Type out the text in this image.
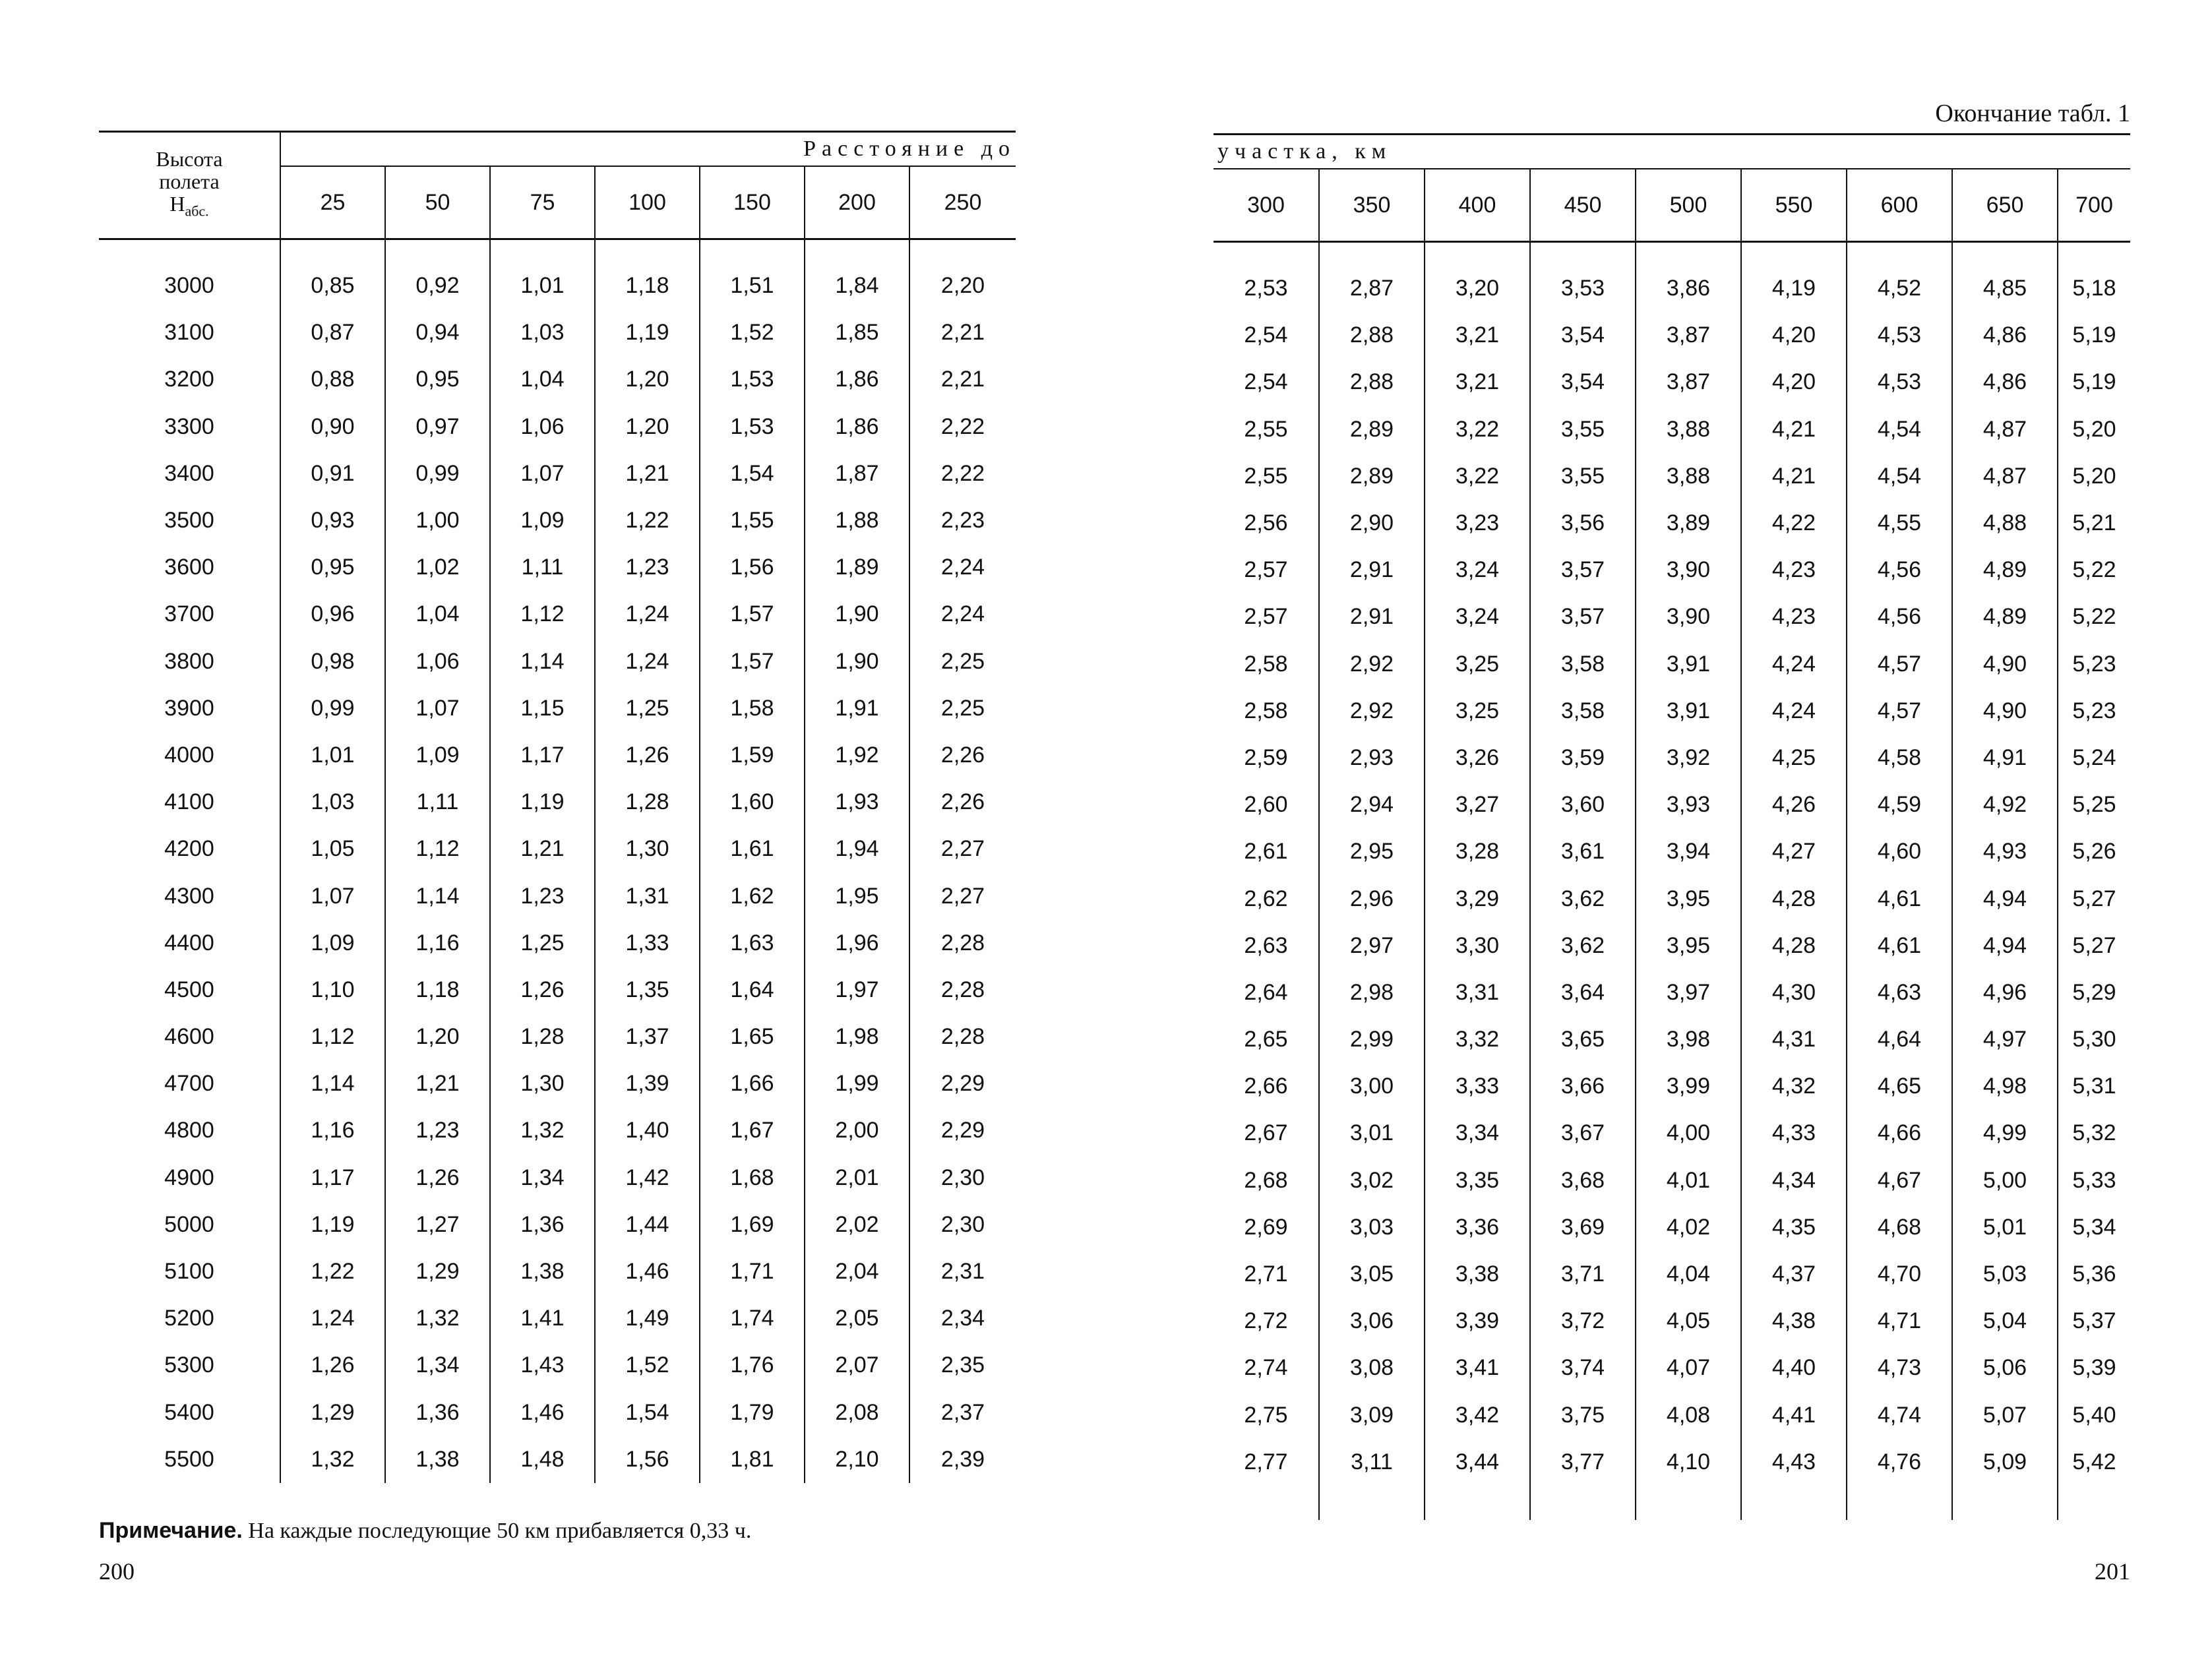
Высота
полета
$H_{абс.}$	Расстояние до						
	25	50	75	100	150	200	250

3000	0,85	0,92	1,01	1,18	1,51	1,84	2,20
3100	0,87	0,94	1,03	1,19	1,52	1,85	2,21
3200	0,88	0,95	1,04	1,20	1,53	1,86	2,21
3300	0,90	0,97	1,06	1,20	1,53	1,86	2,22
3400	0,91	0,99	1,07	1,21	1,54	1,87	2,22
3500	0,93	1,00	1,09	1,22	1,55	1,88	2,23
3600	0,95	1,02	1,11	1,23	1,56	1,89	2,24
3700	0,96	1,04	1,12	1,24	1,57	1,90	2,24
3800	0,98	1,06	1,14	1,24	1,57	1,90	2,25
3900	0,99	1,07	1,15	1,25	1,58	1,91	2,25
4000	1,01	1,09	1,17	1,26	1,59	1,92	2,26
4100	1,03	1,11	1,19	1,28	1,60	1,93	2,26
4200	1,05	1,12	1,21	1,30	1,61	1,94	2,27
4300	1,07	1,14	1,23	1,31	1,62	1,95	2,27
4400	1,09	1,16	1,25	1,33	1,63	1,96	2,28
4500	1,10	1,18	1,26	1,35	1,64	1,97	2,28
4600	1,12	1,20	1,28	1,37	1,65	1,98	2,28
4700	1,14	1,21	1,30	1,39	1,66	1,99	2,29
4800	1,16	1,23	1,32	1,40	1,67	2,00	2,29
4900	1,17	1,26	1,34	1,42	1,68	2,01	2,30
5000	1,19	1,27	1,36	1,44	1,69	2,02	2,30
5100	1,22	1,29	1,38	1,46	1,71	2,04	2,31
5200	1,24	1,32	1,41	1,49	1,74	2,05	2,34
5300	1,26	1,34	1,43	1,52	1,76	2,07	2,35
5400	1,29	1,36	1,46	1,54	1,79	2,08	2,37
5500	1,32	1,38	1,48	1,56	1,81	2,10	2,39
Примечание. На каждые последующие 50 км прибавляется 0,33 ч.
200
Окончание табл. 1
участка, км								
300	350	400	450	500	550	600	650	700

2,53	2,87	3,20	3,53	3,86	4,19	4,52	4,85	5,18
2,54	2,88	3,21	3,54	3,87	4,20	4,53	4,86	5,19
2,54	2,88	3,21	3,54	3,87	4,20	4,53	4,86	5,19
2,55	2,89	3,22	3,55	3,88	4,21	4,54	4,87	5,20
2,55	2,89	3,22	3,55	3,88	4,21	4,54	4,87	5,20
2,56	2,90	3,23	3,56	3,89	4,22	4,55	4,88	5,21
2,57	2,91	3,24	3,57	3,90	4,23	4,56	4,89	5,22
2,57	2,91	3,24	3,57	3,90	4,23	4,56	4,89	5,22
2,58	2,92	3,25	3,58	3,91	4,24	4,57	4,90	5,23
2,58	2,92	3,25	3,58	3,91	4,24	4,57	4,90	5,23
2,59	2,93	3,26	3,59	3,92	4,25	4,58	4,91	5,24
2,60	2,94	3,27	3,60	3,93	4,26	4,59	4,92	5,25
2,61	2,95	3,28	3,61	3,94	4,27	4,60	4,93	5,26
2,62	2,96	3,29	3,62	3,95	4,28	4,61	4,94	5,27
2,63	2,97	3,30	3,62	3,95	4,28	4,61	4,94	5,27
2,64	2,98	3,31	3,64	3,97	4,30	4,63	4,96	5,29
2,65	2,99	3,32	3,65	3,98	4,31	4,64	4,97	5,30
2,66	3,00	3,33	3,66	3,99	4,32	4,65	4,98	5,31
2,67	3,01	3,34	3,67	4,00	4,33	4,66	4,99	5,32
2,68	3,02	3,35	3,68	4,01	4,34	4,67	5,00	5,33
2,69	3,03	3,36	3,69	4,02	4,35	4,68	5,01	5,34
2,71	3,05	3,38	3,71	4,04	4,37	4,70	5,03	5,36
2,72	3,06	3,39	3,72	4,05	4,38	4,71	5,04	5,37
2,74	3,08	3,41	3,74	4,07	4,40	4,73	5,06	5,39
2,75	3,09	3,42	3,75	4,08	4,41	4,74	5,07	5,40
2,77	3,11	3,44	3,77	4,10	4,43	4,76	5,09	5,42

201
